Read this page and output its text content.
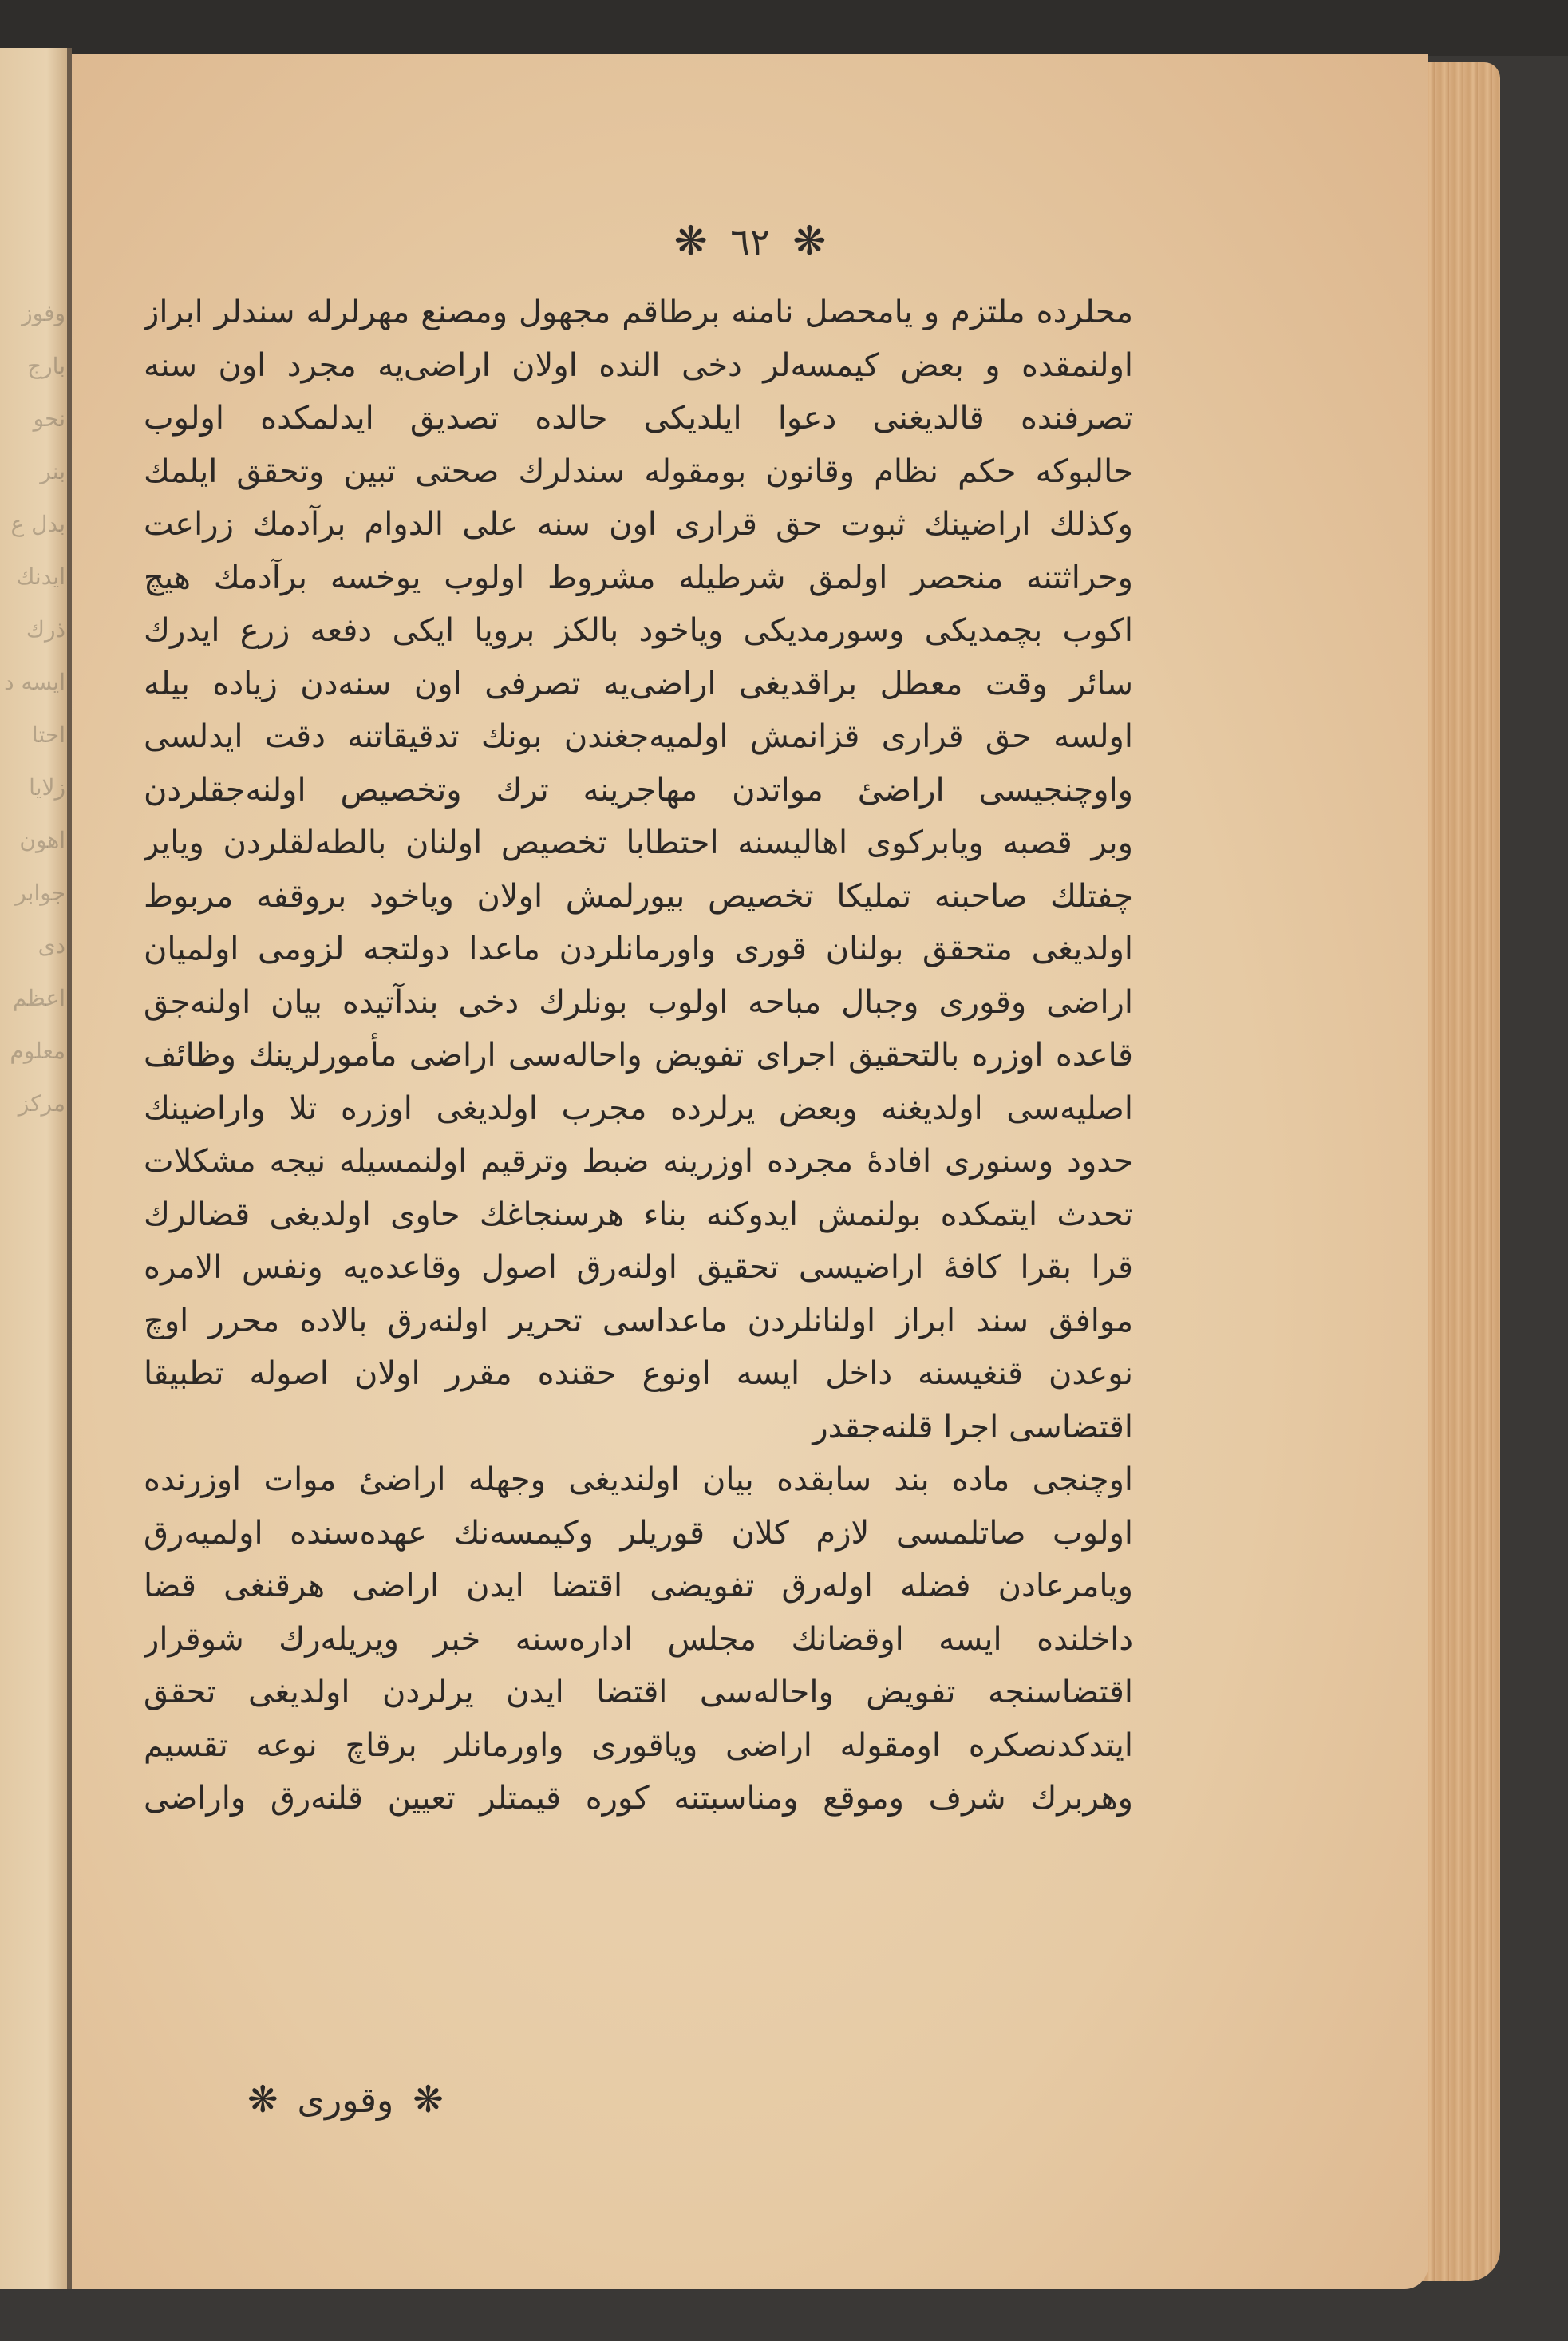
وفوز
بارج
نحو
بنر
بدل ع
ايدنك
ذرك
ايسه د
احتا
زلايا
اهون
جوابر
دی
اعظم
معلوم
مركز
❋ ٦٢ ❋
محلرده ملتزم و يامحصل نامنه برطاقم مجهول ومصنع مهرلرله سندلر ابراز
اولنمقده و بعض كيمسه‌لر دخی النده اولان اراضی‌يه مجرد اون سنه
تصرفنده قالديغنی دعوا ايلديكی حالده تصديق ايدلمكده اولوب
حالبوكه حكم نظام وقانون بومقوله سندلرك صحتی تبين وتحقق ايلمك
وكذلك اراضينك ثبوت حق قراری اون سنه علی الدوام برآدمك زراعت
وحراثتنه منحصر اولمق شرطيله مشروط اولوب يوخسه برآدمك هيچ
اكوب بچمديكی وسورمديكی وياخود بالكز برويا ايكی دفعه زرع ايدرك
سائر وقت معطل براقديغی اراضی‌يه تصرفی اون سنه‌دن زياده بيله
اولسه حق قراری قزانمش اولميه‌جغندن بونك تدقيقاتنه دقت ايدلسی
واوچنجيسی اراضیٔ مواتدن مهاجرينه ترك وتخصيص اولنه‌جقلردن
وبر قصبه ويابركوی اهاليسنه احتطابا تخصيص اولنان بالطه‌لقلردن وياير
چفتلك صاحبنه تمليكا تخصيص بيورلمش اولان وياخود بروقفه مربوط
اولديغی متحقق بولنان قوری واورمانلردن ماعدا دولتجه لزومی اولميان
اراضی وقوری وجبال مباحه اولوب بونلرك دخی بندآتيده بيان اولنه‌جق
قاعده اوزره بالتحقيق اجرای تفويض واحاله‌سی اراضی مأمورلرينك وظائف
اصليه‌سی اولديغنه وبعض يرلرده مجرب اولديغی اوزره تلا واراضينك
حدود وسنوری افادهٔ مجرده اوزرينه ضبط وترقيم اولنمسيله نيجه مشكلات
تحدث ايتمكده بولنمش ايدوكنه بناء هرسنجاغك حاوی اولديغی قضالرك
قرا بقرا كافهٔ اراضيسی تحقيق اولنه‌رق اصول وقاعده‌يه ونفس الامره
موافق سند ابراز اولنانلردن ماعداسی تحرير اولنه‌رق بالاده محرر اوچ
نوعدن قنغيسنه داخل ايسه اونوع حقنده مقرر اولان اصوله تطبيقا
اقتضاسی اجرا قلنه‌جقدر
اوچنجی ماده بند سابقده بيان اولنديغی وجهله اراضیٔ موات اوزرنده
اولوب صاتلمسی لازم كلان قوريلر وكيمسه‌نك عهده‌سنده اولميه‌رق
ويامرعادن فضله اوله‌رق تفويضی اقتضا ايدن اراضی هرقنغی قضا
داخلنده ايسه اوقضانك مجلس اداره‌سنه خبر ويريله‌رك شوقرار
اقتضاسنجه تفويض واحاله‌سی اقتضا ايدن يرلردن اولديغی تحقق
ايتدكدنصكره اومقوله اراضی وياقوری واورمانلر برقاچ نوعه تقسيم
وهربرك شرف وموقع ومناسبتنه كوره قيمتلر تعيين قلنه‌رق واراضی
❋ وقوری ❋
